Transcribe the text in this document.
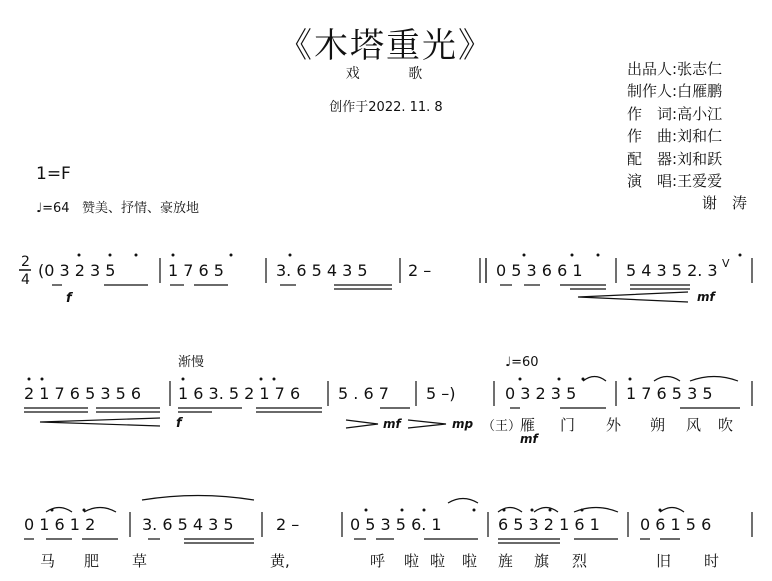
《木塔重光》
戏 歌
创作于2022. 11. 8
出品人:张志仁
制作人:白雁鹏
作　词:高小江
作　曲:刘和仁
配　器:刘和跃
演　唱:王爱爱
谢　涛
1=F
♩=64 赞美、抒情、豪放地
2
4 (0 3 2 3 5	1 7 6 5	3. 6 5 4 3 5	2 –	0 5 3 6 6 1	5 4 3 5 2. 3
f	mf
V
渐慢	♩=60
2 1 7 6 5 3 5 6 1 6 3. 5 2 1 7 6 5 . 6 7 5 –)	0 3 2 3 5	1 7 6 5 3 5
f	mf	mp
mf
（王）
雁 门 外 朔 风 吹
0 1 6 1 2	3. 6 5 4 3 5	2 –	0 5 3 5 6. 1	6 5 3 2 1 6 1	0 6 1 5 6
马 肥 草	黄,	呼 啦 啦 啦 旌 旗 烈	旧 时
